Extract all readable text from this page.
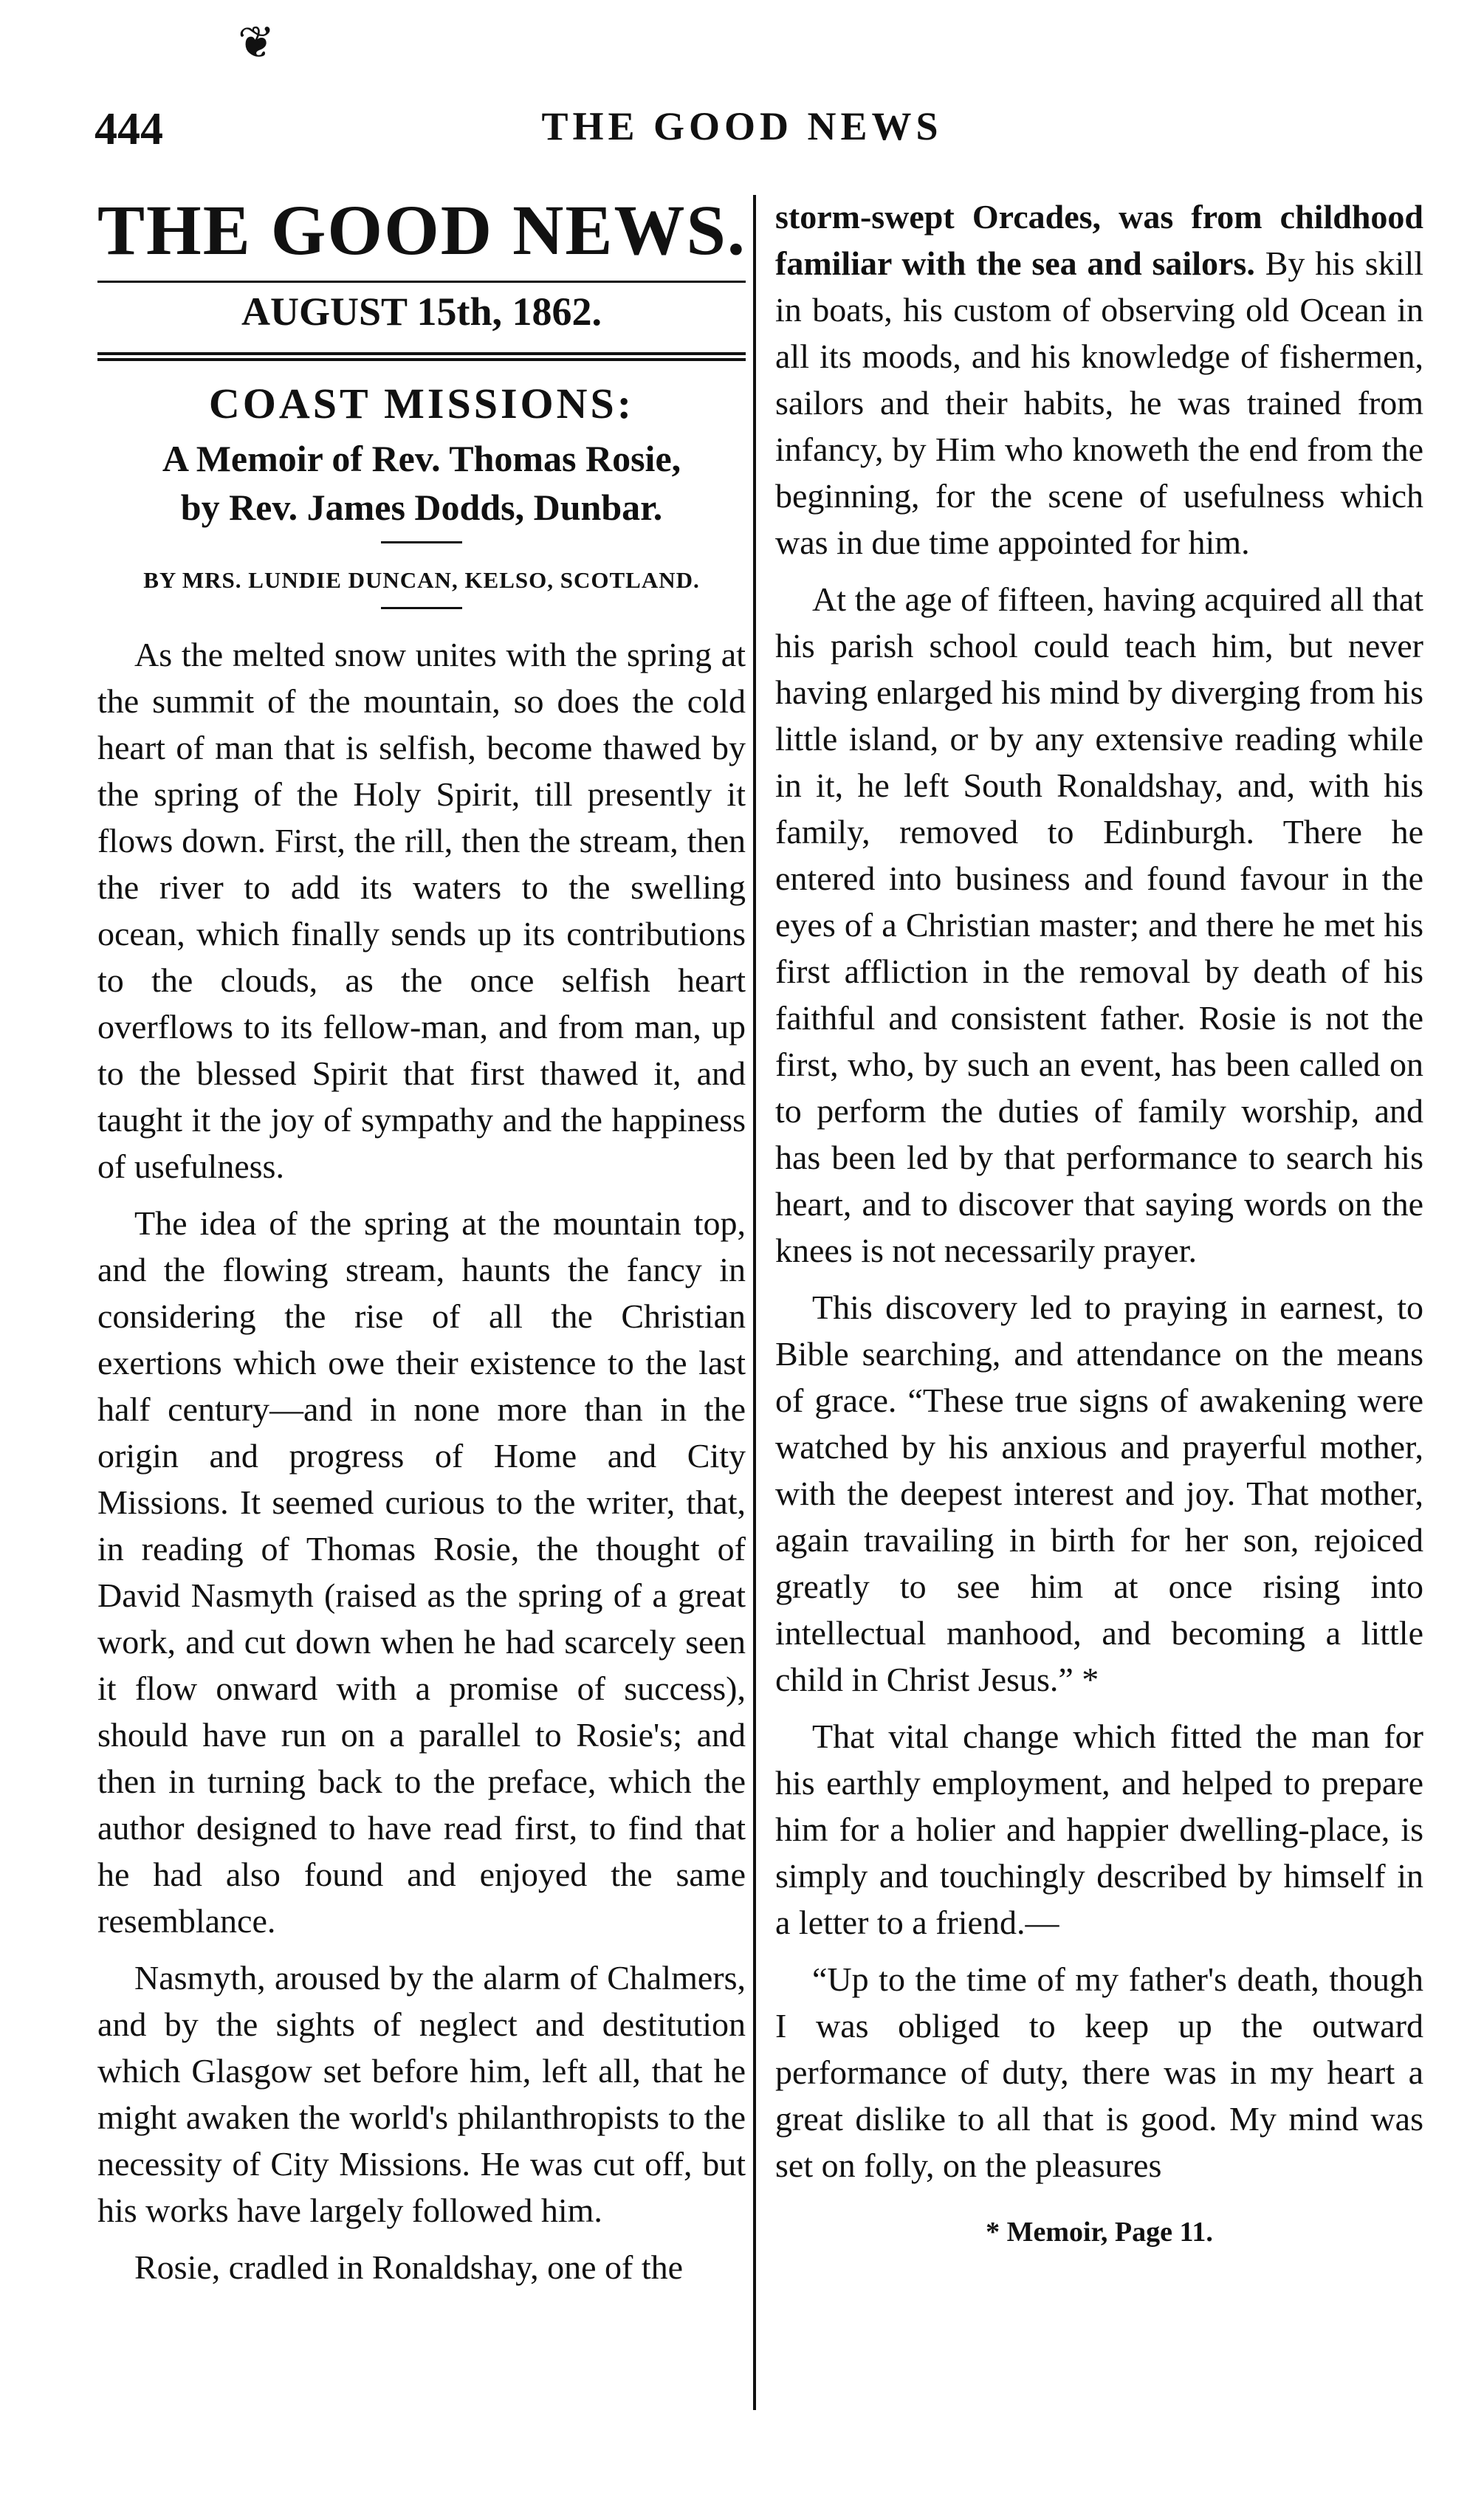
❦
444	THE GOOD NEWS
THE GOOD NEWS.
AUGUST 15th, 1862.
COAST MISSIONS:
A Memoir of Rev. Thomas Rosie,
by Rev. James Dodds, Dunbar.
BY MRS. LUNDIE DUNCAN, KELSO, SCOTLAND.

As the melted snow unites with the spring at the summit of the mountain, so does the cold heart of man that is selfish, become thawed by the spring of the Holy Spirit, till presently it flows down. First, the rill, then the stream, then the river to add its waters to the swelling ocean, which finally sends up its contributions to the clouds, as the once selfish heart overflows to its fellow-man, and from man, up to the blessed Spirit that first thawed it, and taught it the joy of sympathy and the happiness of usefulness.

The idea of the spring at the mountain top, and the flowing stream, haunts the fancy in considering the rise of all the Christian exertions which owe their existence to the last half century—and in none more than in the origin and progress of Home and City Missions. It seemed curious to the writer, that, in reading of Thomas Rosie, the thought of David Nasmyth (raised as the spring of a great work, and cut down when he had scarcely seen it flow onward with a promise of success), should have run on a parallel to Rosie's; and then in turning back to the preface, which the author designed to have read first, to find that he had also found and enjoyed the same resemblance.

Nasmyth, aroused by the alarm of Chalmers, and by the sights of neglect and destitution which Glasgow set before him, left all, that he might awaken the world's philanthropists to the necessity of City Missions. He was cut off, but his works have largely followed him.

Rosie, cradled in Ronaldshay, one of the

storm-swept Orcades, was from childhood familiar with the sea and sailors. By his skill in boats, his custom of observing old Ocean in all its moods, and his knowledge of fishermen, sailors and their habits, he was trained from infancy, by Him who knoweth the end from the beginning, for the scene of usefulness which was in due time appointed for him.

At the age of fifteen, having acquired all that his parish school could teach him, but never having enlarged his mind by diverging from his little island, or by any extensive reading while in it, he left South Ronaldshay, and, with his family, removed to Edinburgh. There he entered into business and found favour in the eyes of a Christian master; and there he met his first affliction in the removal by death of his faithful and consistent father. Rosie is not the first, who, by such an event, has been called on to perform the duties of family worship, and has been led by that performance to search his heart, and to discover that saying words on the knees is not necessarily prayer.

This discovery led to praying in earnest, to Bible searching, and attendance on the means of grace. “These true signs of awakening were watched by his anxious and prayerful mother, with the deepest interest and joy. That mother, again travailing in birth for her son, rejoiced greatly to see him at once rising into intellectual manhood, and becoming a little child in Christ Jesus.” *

That vital change which fitted the man for his earthly employment, and helped to prepare him for a holier and happier dwelling-place, is simply and touchingly described by himself in a letter to a friend.—

“Up to the time of my father's death, though I was obliged to keep up the outward performance of duty, there was in my heart a great dislike to all that is good. My mind was set on folly, on the pleasures

* Memoir, Page 11.
